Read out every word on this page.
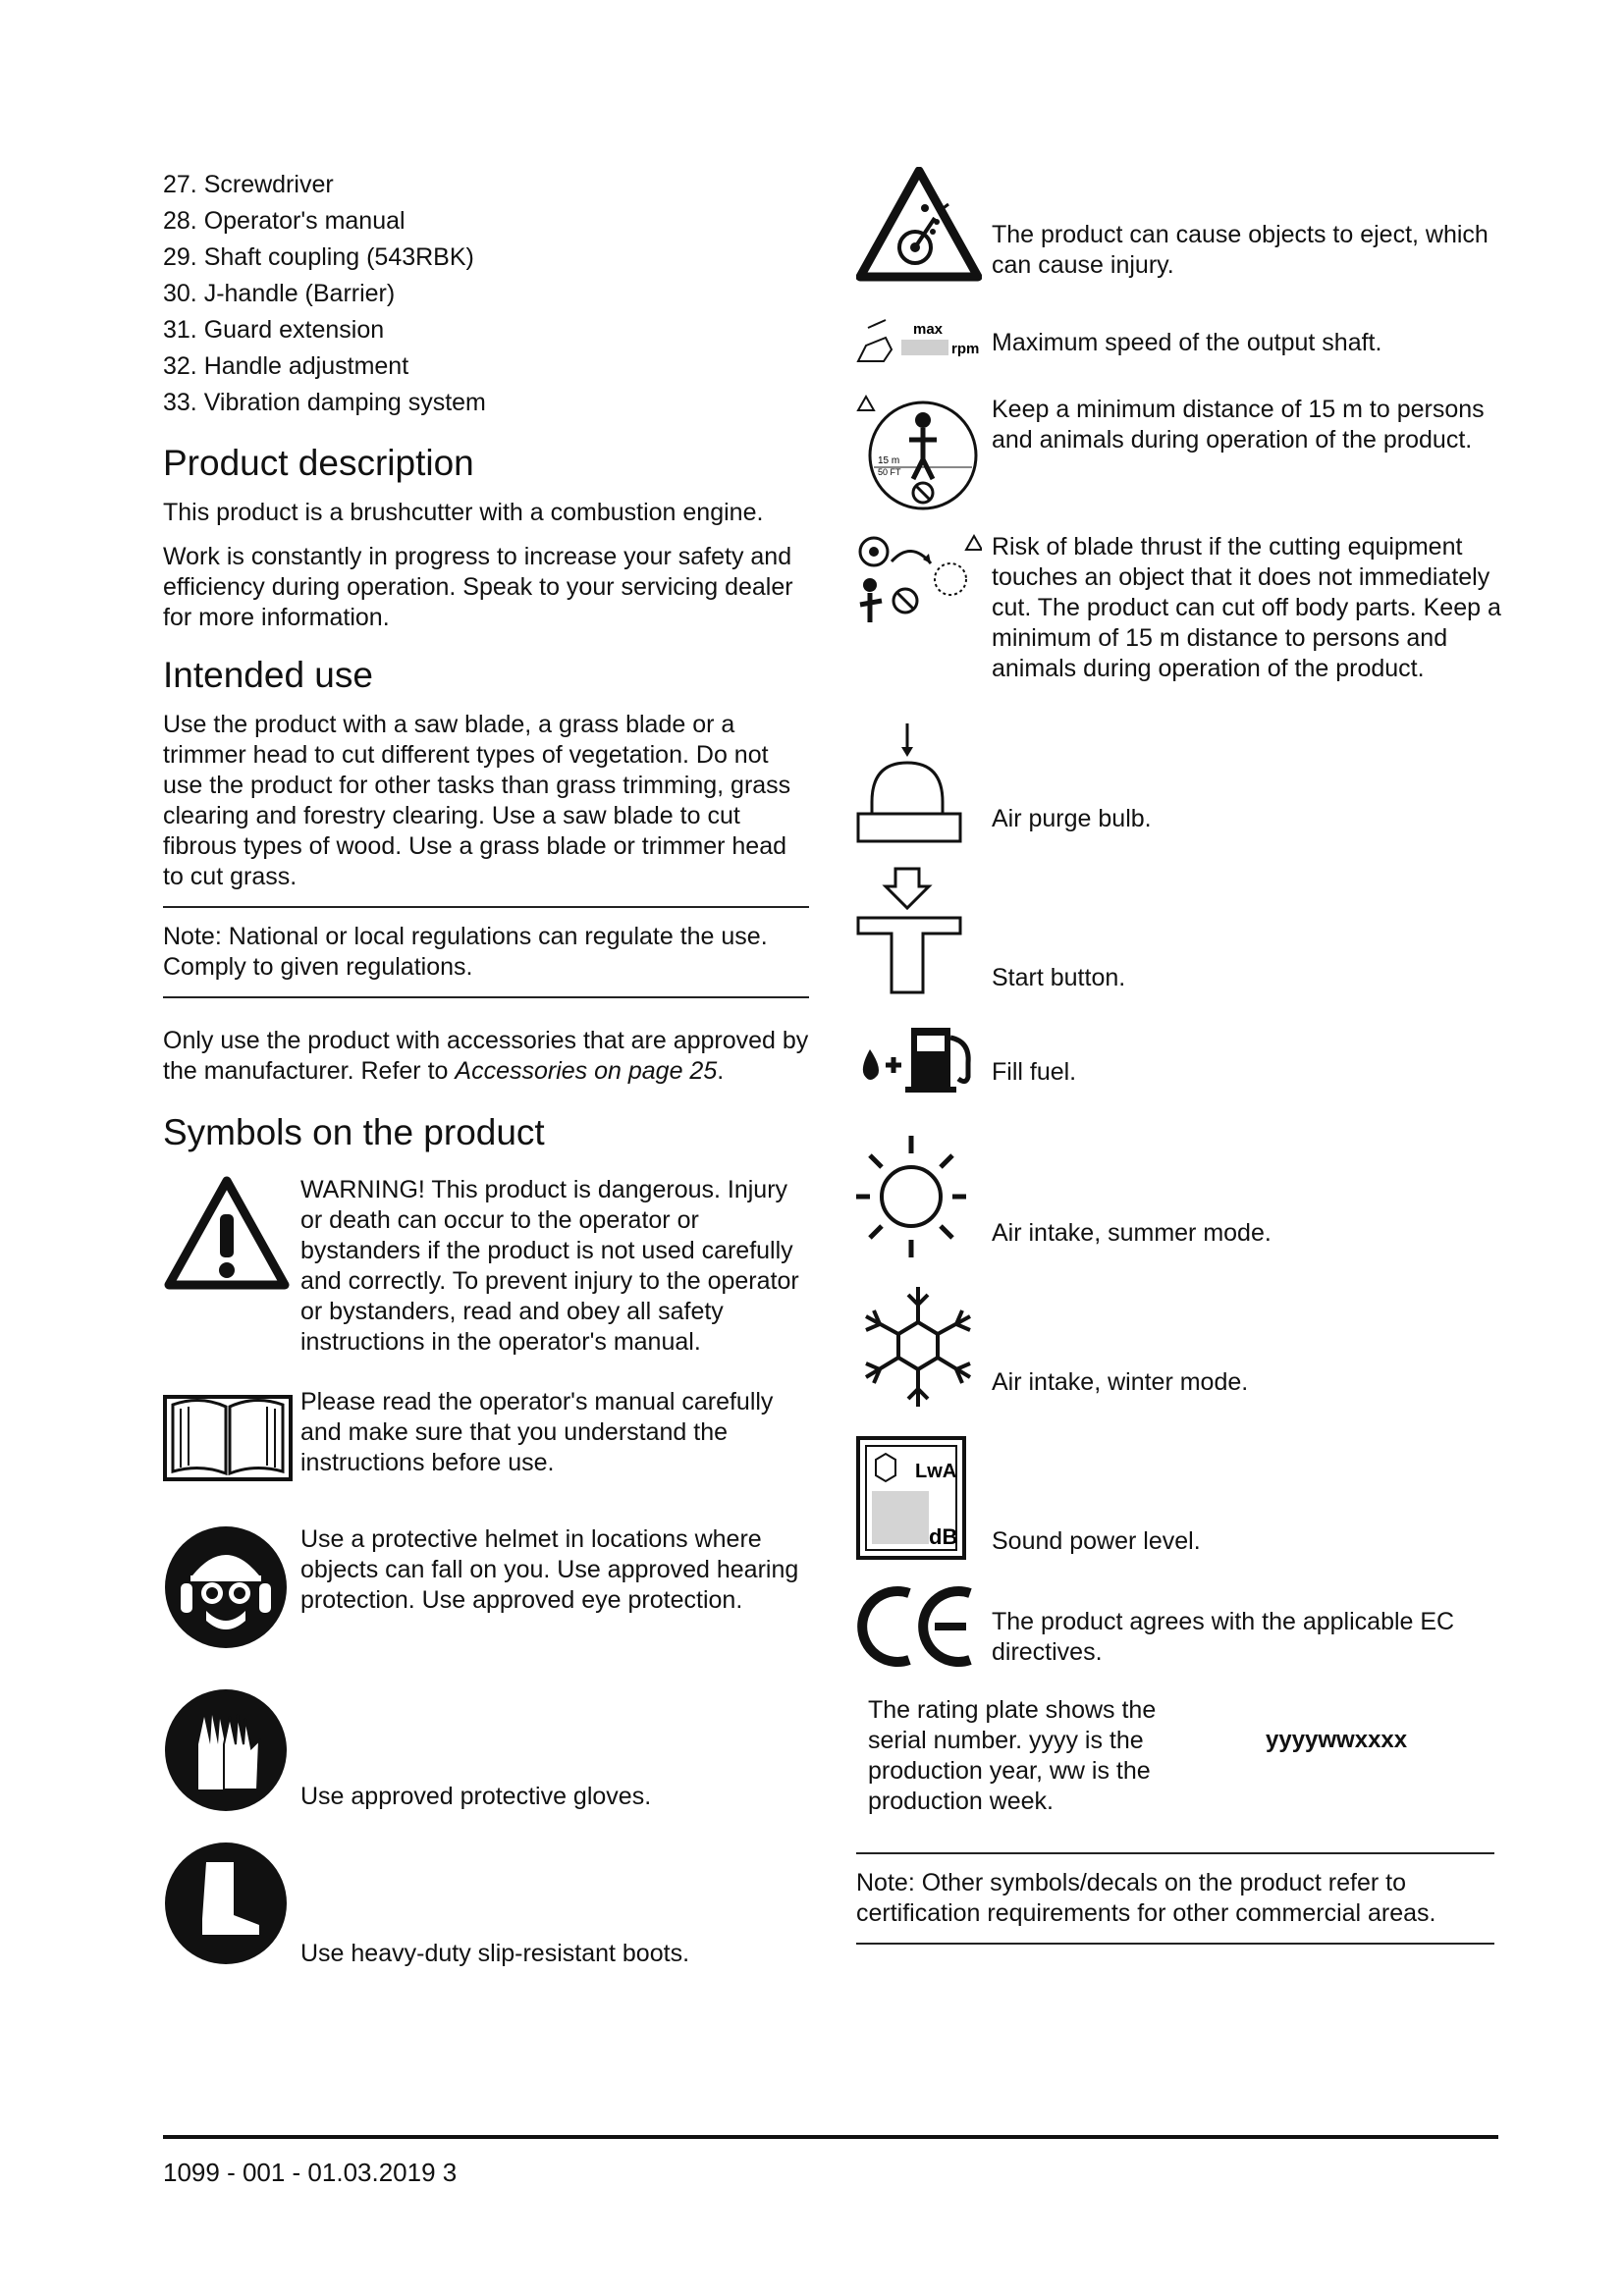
27. Screwdriver
28. Operator's manual
29. Shaft coupling (543RBK)
30. J-handle (Barrier)
31. Guard extension
32. Handle adjustment
33. Vibration damping system
Product description

This product is a brushcutter with a combustion engine.

Work is constantly in progress to increase your safety and efficiency during operation. Speak to your servicing dealer for more information.

Intended use

Use the product with a saw blade, a grass blade or a trimmer head to cut different types of vegetation. Do not use the product for other tasks than grass trimming, grass clearing and forestry clearing. Use a saw blade to cut fibrous types of wood. Use a grass blade or trimmer head to cut grass.

Note: National or local regulations can regulate the use. Comply to given regulations.

Only use the product with accessories that are approved by the manufacturer. Refer to Accessories on page 25.

Symbols on the product
WARNING! This product is dangerous. Injury or death can occur to the operator or bystanders if the product is not used carefully and correctly. To prevent injury to the operator or bystanders, read and obey all safety instructions in the operator's manual.
Please read the operator's manual carefully and make sure that you understand the instructions before use.
Use a protective helmet in locations where objects can fall on you. Use approved hearing protection. Use approved eye protection.
Use approved protective gloves.
Use heavy-duty slip-resistant boots.
The product can cause objects to eject, which can cause injury.
max
rpm Maximum speed of the output shaft.
15 m
50 FT
Keep a minimum distance of 15 m to persons and animals during operation of the product.
Risk of blade thrust if the cutting equipment touches an object that it does not immediately cut. The product can cut off body parts. Keep a minimum of 15 m distance to persons and animals during operation of the product.
Air purge bulb.
Start button.
Fill fuel.
Air intake, summer mode.
Air intake, winter mode.
LwA
dB Sound power level.
The product agrees with the applicable EC directives.
The rating plate shows the serial number. yyyy is the production year, ww is the production week.
yyyywwxxxx
Note: Other symbols/decals on the product refer to certification requirements for other commercial areas.
1099 - 001 - 01.03.2019 3
